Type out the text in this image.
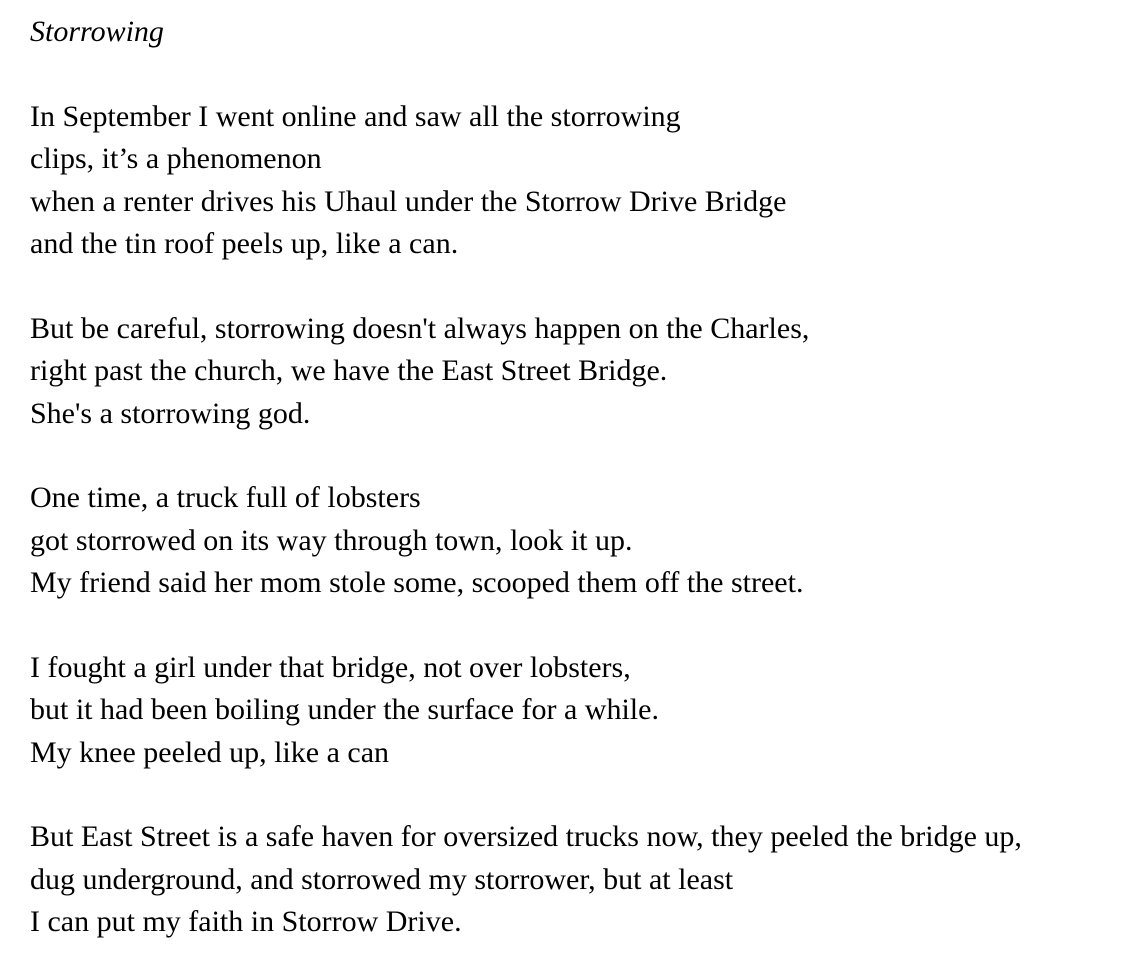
Storrowing

In September I went online and saw all the storrowing
clips, it’s a phenomenon
when a renter drives his Uhaul under the Storrow Drive Bridge
and the tin roof peels up, like a can.
But be careful, storrowing doesn't always happen on the Charles,
right past the church, we have the East Street Bridge.
She's a storrowing god.
One time, a truck full of lobsters
got storrowed on its way through town, look it up.
My friend said her mom stole some, scooped them off the street.
I fought a girl under that bridge, not over lobsters,
but it had been boiling under the surface for a while.
My knee peeled up, like a can
But East Street is a safe haven for oversized trucks now, they peeled the bridge up,
dug underground, and storrowed my storrower, but at least
I can put my faith in Storrow Drive.
